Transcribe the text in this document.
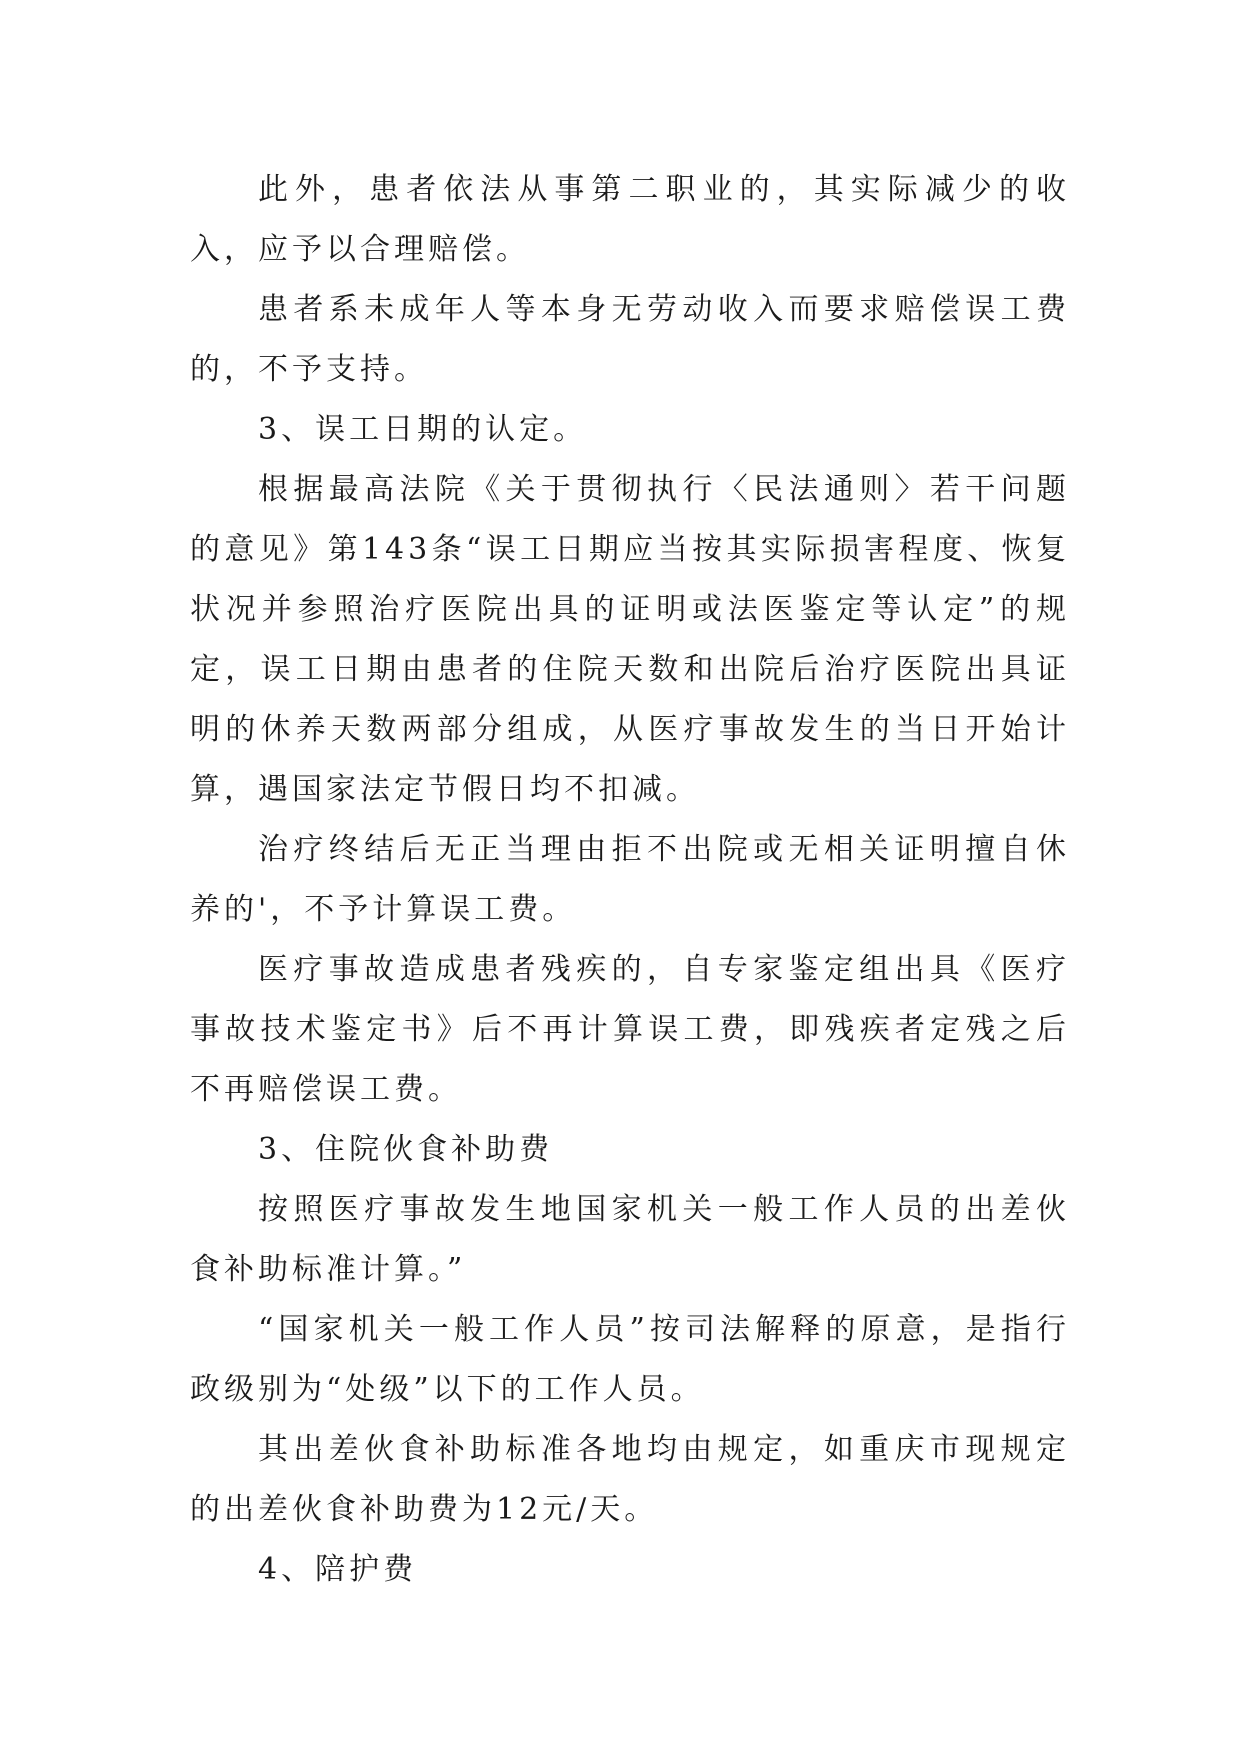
此外，患者依法从事第二职业的，其实际减少的收入，应予以合理赔偿。

患者系未成年人等本身无劳动收入而要求赔偿误工费的，不予支持。

3、误工日期的认定。

根据最高法院《关于贯彻执行〈民法通则〉若干问题的意见》第143条“误工日期应当按其实际损害程度、恢复状况并参照治疗医院出具的证明或法医鉴定等认定”的规定，误工日期由患者的住院天数和出院后治疗医院出具证明的休养天数两部分组成，从医疗事故发生的当日开始计算，遇国家法定节假日均不扣减。

治疗终结后无正当理由拒不出院或无相关证明擅自休养的'，不予计算误工费。

医疗事故造成患者残疾的，自专家鉴定组出具《医疗事故技术鉴定书》后不再计算误工费，即残疾者定残之后不再赔偿误工费。

3、住院伙食补助费

按照医疗事故发生地国家机关一般工作人员的出差伙食补助标准计算。”

“国家机关一般工作人员”按司法解释的原意，是指行政级别为“处级”以下的工作人员。

其出差伙食补助标准各地均由规定，如重庆市现规定的出差伙食补助费为12元/天。

4、陪护费
